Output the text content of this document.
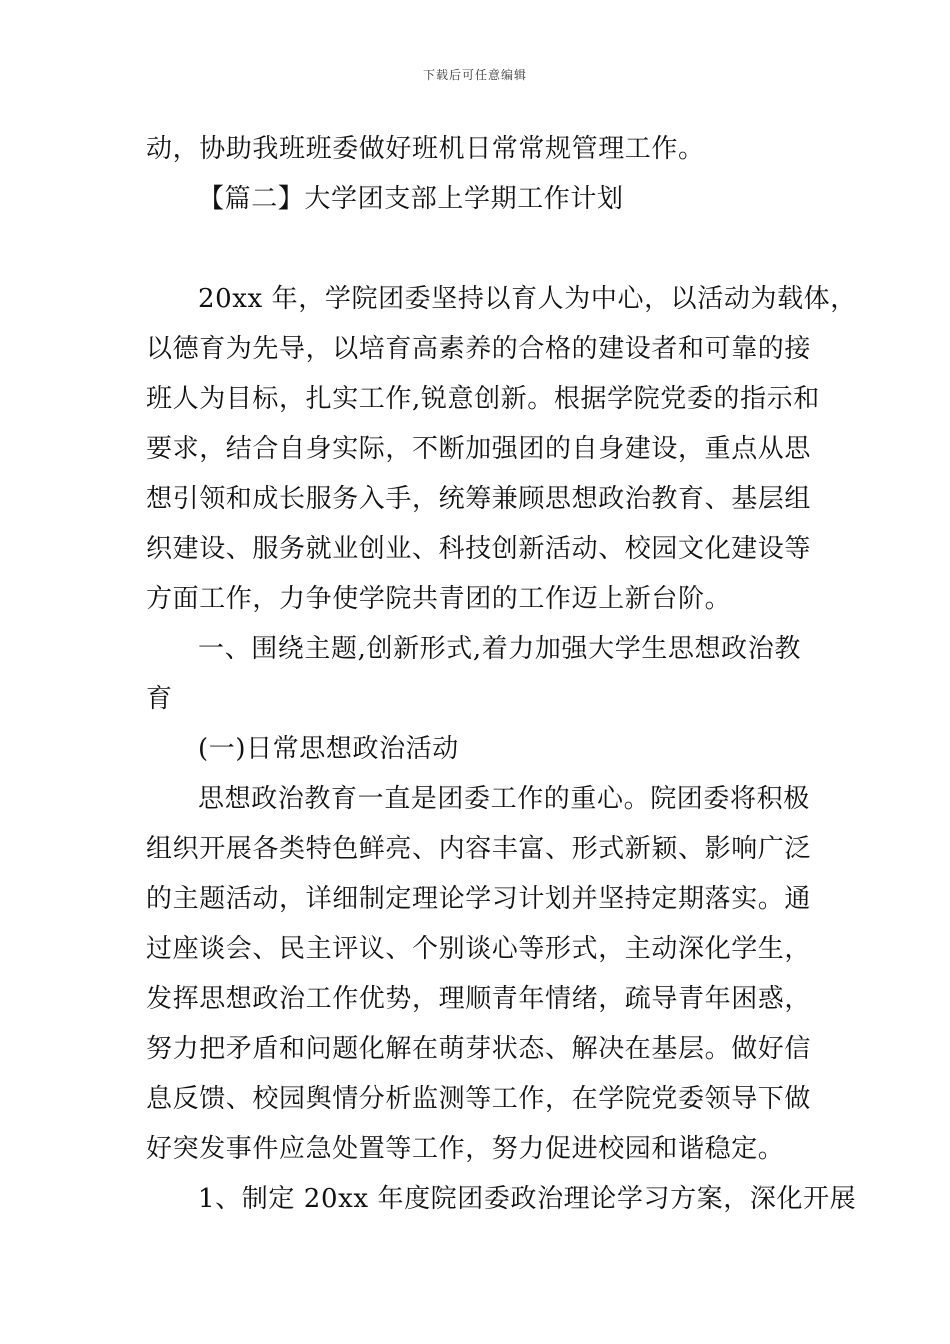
下载后可任意编辑
动，协助我班班委做好班机日常常规管理工作。
【篇二】大学团支部上学期工作计划
20xx 年，学院团委坚持以育人为中心，以活动为载体，
以德育为先导，以培育高素养的合格的建设者和可靠的接
班人为目标，扎实工作,锐意创新。根据学院党委的指示和
要求，结合自身实际，不断加强团的自身建设，重点从思
想引领和成长服务入手，统筹兼顾思想政治教育、基层组
织建设、服务就业创业、科技创新活动、校园文化建设等
方面工作，力争使学院共青团的工作迈上新台阶。
一、围绕主题,创新形式,着力加强大学生思想政治教
育
(一)日常思想政治活动
思想政治教育一直是团委工作的重心。院团委将积极
组织开展各类特色鲜亮、内容丰富、形式新颖、影响广泛
的主题活动，详细制定理论学习计划并坚持定期落实。通
过座谈会、民主评议、个别谈心等形式，主动深化学生，
发挥思想政治工作优势，理顺青年情绪，疏导青年困惑，
努力把矛盾和问题化解在萌芽状态、解决在基层。做好信
息反馈、校园舆情分析监测等工作，在学院党委领导下做
好突发事件应急处置等工作，努力促进校园和谐稳定。
1、制定 20xx 年度院团委政治理论学习方案，深化开展
